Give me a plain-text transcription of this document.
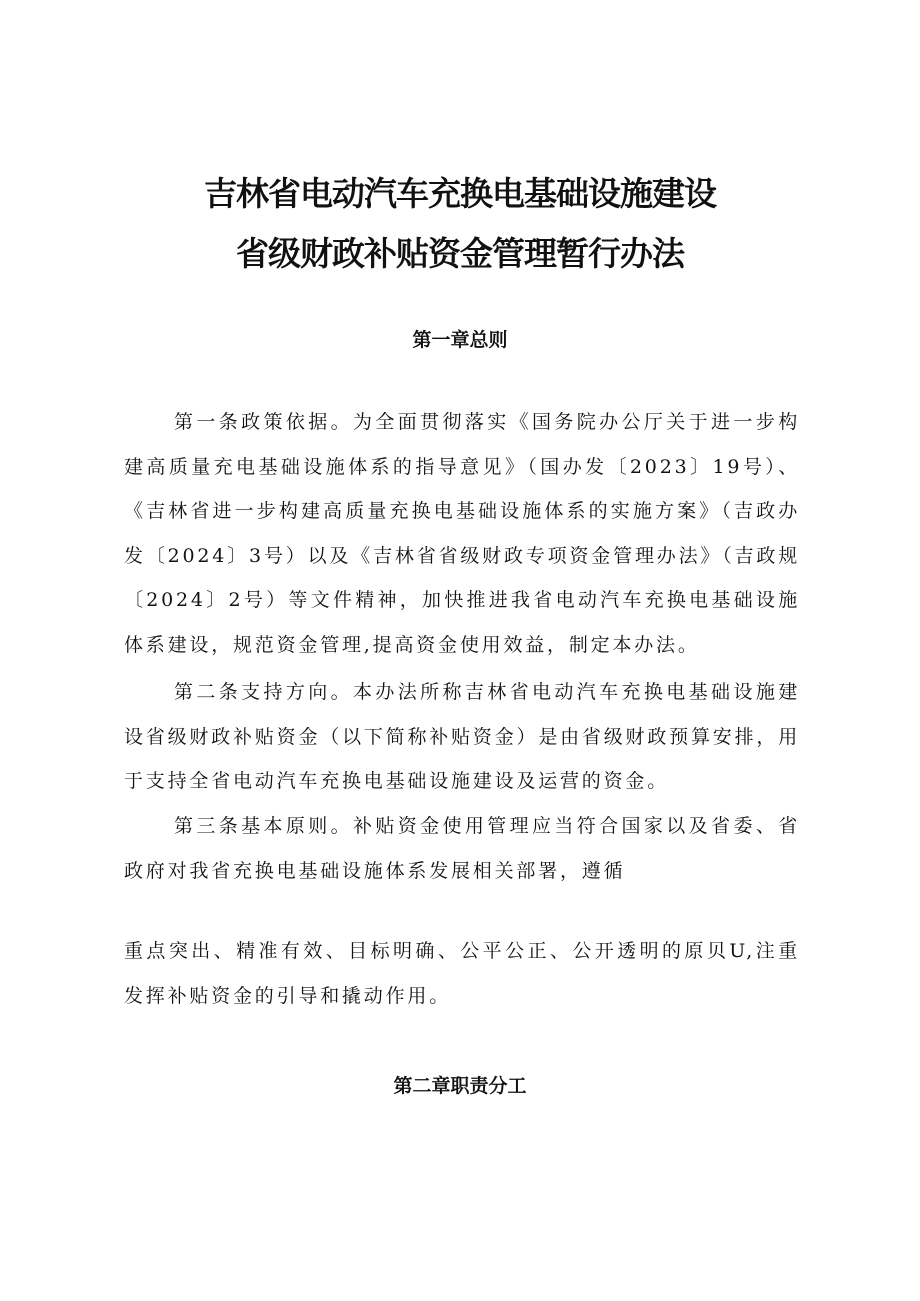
吉林省电动汽车充换电基础设施建设
省级财政补贴资金管理暂行办法
第一章总则

第一条政策依据。为全面贯彻落实《国务院办公厅关于进一步构建高质量充电基础设施体系的指导意见》（国办发〔2023〕19号）、《吉林省进一步构建高质量充换电基础设施体系的实施方案》（吉政办发〔2024〕3号）以及《吉林省省级财政专项资金管理办法》（吉政规〔2024〕2号）等文件精神，加快推进我省电动汽车充换电基础设施体系建设，规范资金管理,提高资金使用效益，制定本办法。

第二条支持方向。本办法所称吉林省电动汽车充换电基础设施建设省级财政补贴资金（以下简称补贴资金）是由省级财政预算安排，用于支持全省电动汽车充换电基础设施建设及运营的资金。

第三条基本原则。补贴资金使用管理应当符合国家以及省委、省政府对我省充换电基础设施体系发展相关部署，遵循

重点突出、精准有效、目标明确、公平公正、公开透明的原贝U,注重发挥补贴资金的引导和撬动作用。

第二章职责分工
